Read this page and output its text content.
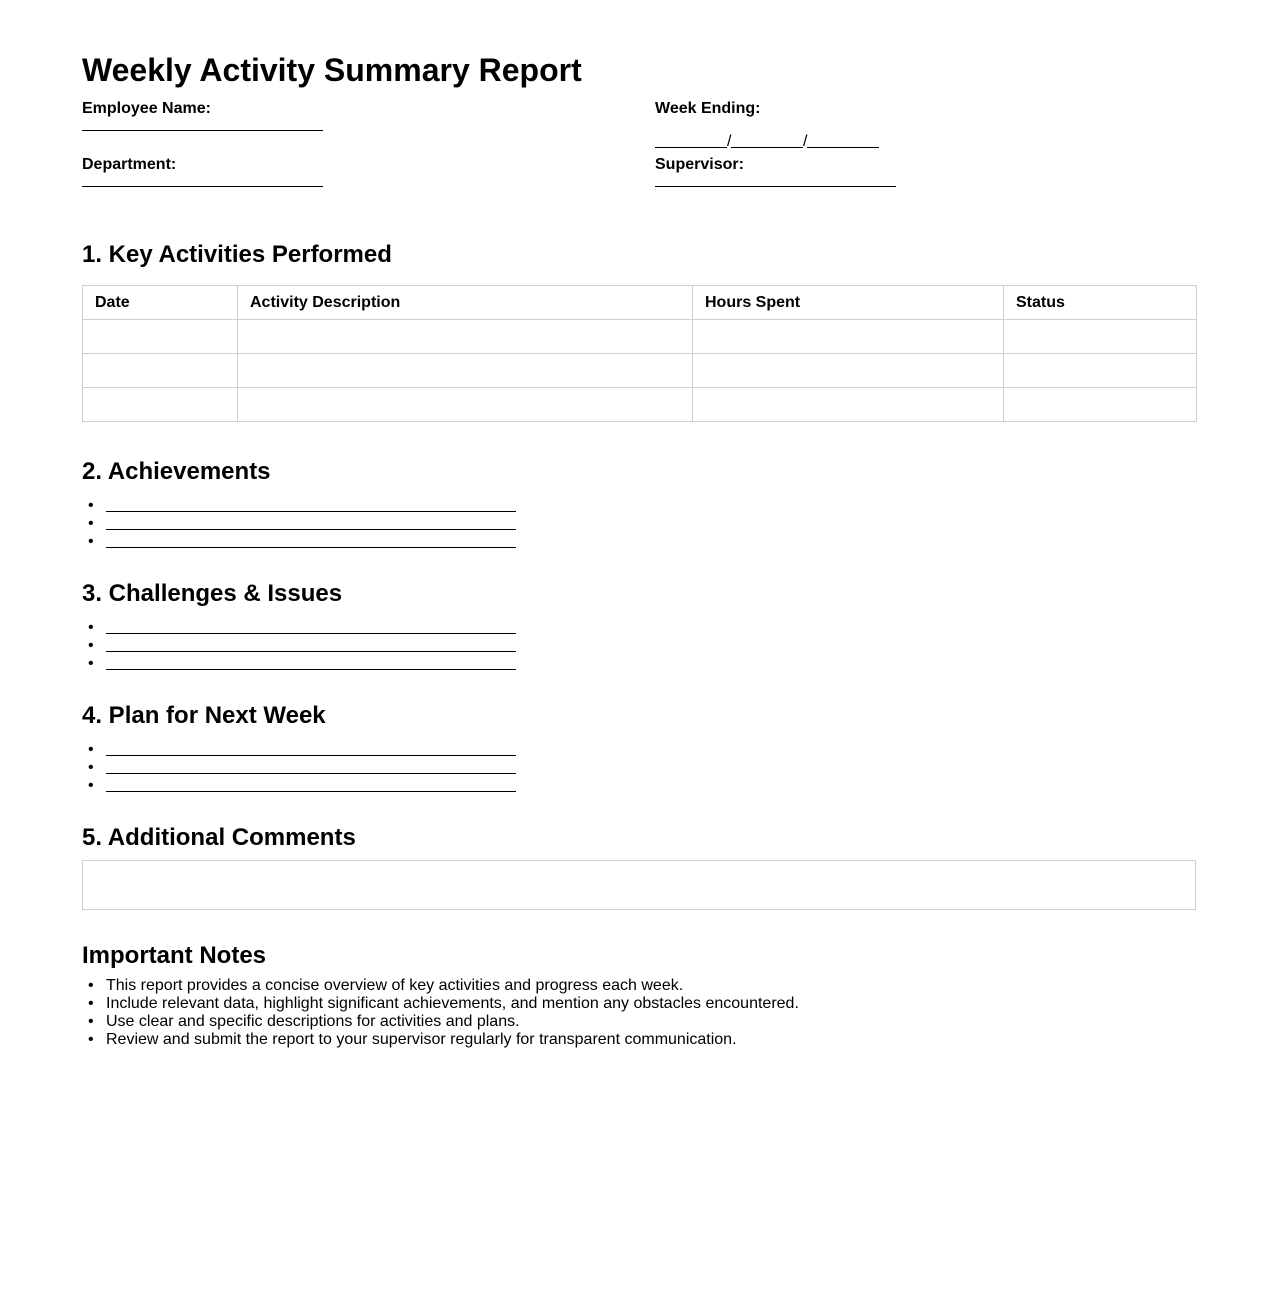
Weekly Activity Summary Report
Employee Name:	Week Ending:
/	/
Department:	Supervisor:
1. Key Activities Performed
Date	Activity Description	Hours Spent	Status

2. Achievements
•
•
•
3. Challenges & Issues
•
•
•
4. Plan for Next Week
•
•
•
5. Additional Comments
Important Notes
• This report provides a concise overview of key activities and progress each week.
• Include relevant data, highlight significant achievements, and mention any obstacles encountered.
• Use clear and specific descriptions for activities and plans.
• Review and submit the report to your supervisor regularly for transparent communication.
